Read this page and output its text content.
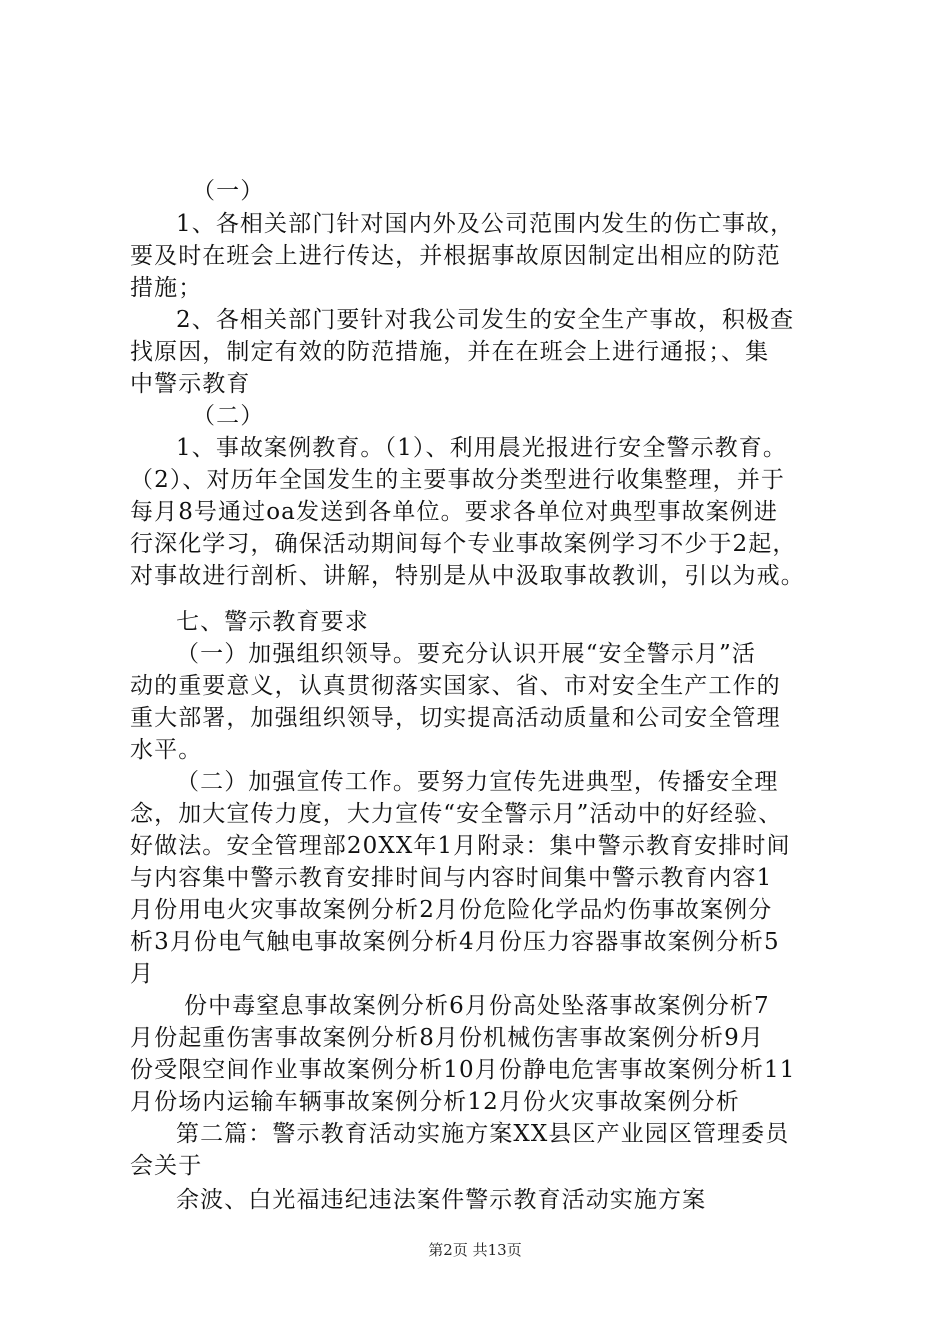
（一）
1、各相关部门针对国内外及公司范围内发生的伤亡事故，
要及时在班会上进行传达，并根据事故原因制定出相应的防范
措施；
2、各相关部门要针对我公司发生的安全生产事故，积极查
找原因，制定有效的防范措施，并在在班会上进行通报；、集
中警示教育
（二）
1、事故案例教育。（1）、利用晨光报进行安全警示教育。
（2）、对历年全国发生的主要事故分类型进行收集整理，并于
每月8号通过oa发送到各单位。要求各单位对典型事故案例进
行深化学习，确保活动期间每个专业事故案例学习不少于2起，
对事故进行剖析、讲解，特别是从中汲取事故教训，引以为戒。
七、警示教育要求
（一）加强组织领导。要充分认识开展“安全警示月”活
动的重要意义，认真贯彻落实国家、省、市对安全生产工作的
重大部署，加强组织领导，切实提高活动质量和公司安全管理
水平。
（二）加强宣传工作。要努力宣传先进典型，传播安全理
念，加大宣传力度，大力宣传“安全警示月”活动中的好经验、
好做法。安全管理部20XX年1月附录：集中警示教育安排时间
与内容集中警示教育安排时间与内容时间集中警示教育内容1
月份用电火灾事故案例分析2月份危险化学品灼伤事故案例分
析3月份电气触电事故案例分析4月份压力容器事故案例分析5
月
份中毒窒息事故案例分析6月份高处坠落事故案例分析7
月份起重伤害事故案例分析8月份机械伤害事故案例分析9月
份受限空间作业事故案例分析10月份静电危害事故案例分析11
月份场内运输车辆事故案例分析12月份火灾事故案例分析
第二篇：警示教育活动实施方案XX县区产业园区管理委员
会关于
余波、白光福违纪违法案件警示教育活动实施方案
第2页 共13页
